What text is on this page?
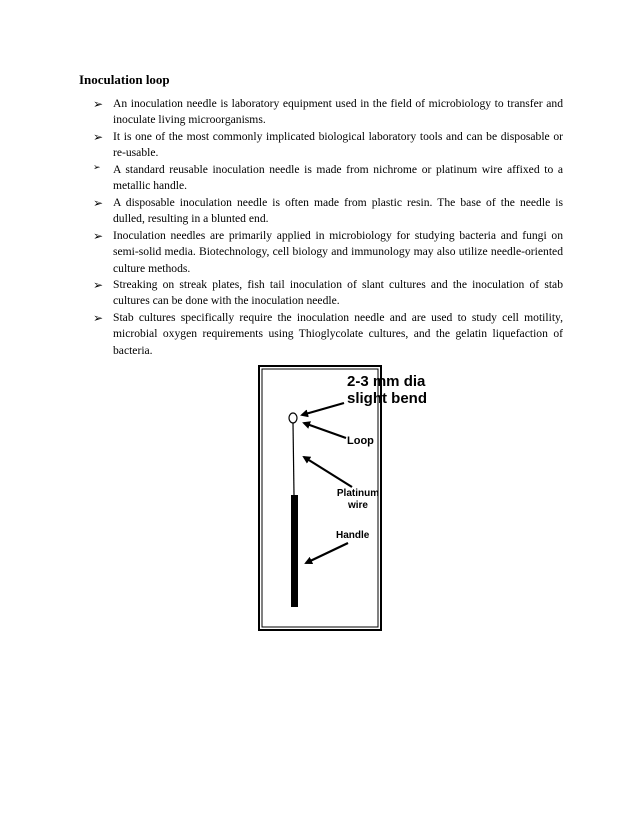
Inoculation loop
➢ An inoculation needle is laboratory equipment used in the field of microbiology to transfer and inoculate living microorganisms.
➢ It is one of the most commonly implicated biological laboratory tools and can be disposable or re-usable.
➢ A standard reusable inoculation needle is made from nichrome or platinum wire affixed to a metallic handle.
➢ A disposable inoculation needle is often made from plastic resin. The base of the needle is dulled, resulting in a blunted end.
➢ Inoculation needles are primarily applied in microbiology for studying bacteria and fungi on semi-solid media. Biotechnology, cell biology and immunology may also utilize needle-oriented culture methods.
➢ Streaking on streak plates, fish tail inoculation of slant cultures and the inoculation of stab cultures can be done with the inoculation needle.
➢ Stab cultures specifically require the inoculation needle and are used to study cell motility, microbial oxygen requirements using Thioglycolate cultures, and the gelatin liquefaction of bacteria.
2-3 mm dia
slight bend
Loop
Platinum
wire
Handle
